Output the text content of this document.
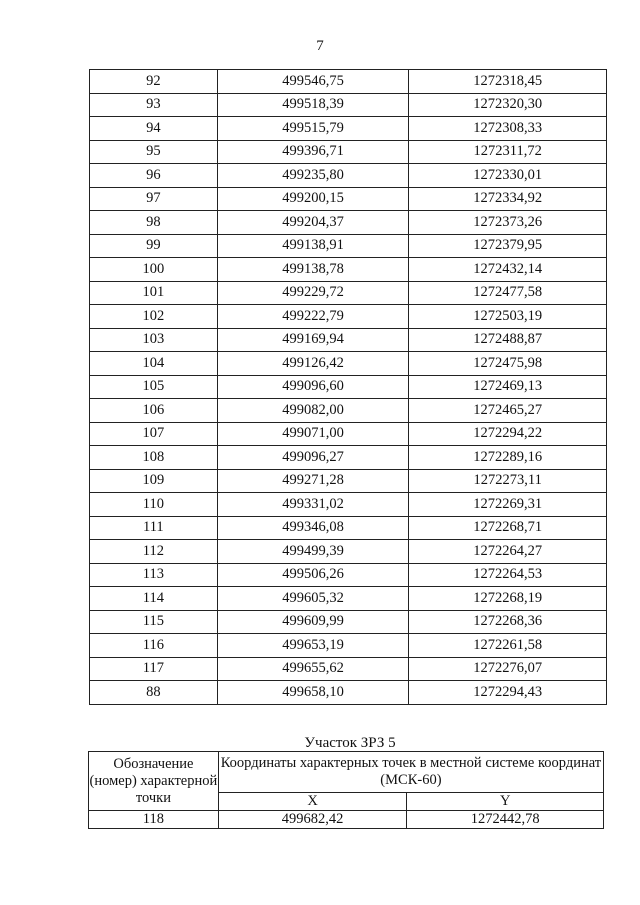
7
92	499546,75	1272318,45
93	499518,39	1272320,30
94	499515,79	1272308,33
95	499396,71	1272311,72
96	499235,80	1272330,01
97	499200,15	1272334,92
98	499204,37	1272373,26
99	499138,91	1272379,95
100	499138,78	1272432,14
101	499229,72	1272477,58
102	499222,79	1272503,19
103	499169,94	1272488,87
104	499126,42	1272475,98
105	499096,60	1272469,13
106	499082,00	1272465,27
107	499071,00	1272294,22
108	499096,27	1272289,16
109	499271,28	1272273,11
110	499331,02	1272269,31
111	499346,08	1272268,71
112	499499,39	1272264,27
113	499506,26	1272264,53
114	499605,32	1272268,19
115	499609,99	1272268,36
116	499653,19	1272261,58
117	499655,62	1272276,07
88	499658,10	1272294,43
Участок ЗРЗ 5
Обозначение (номер) характерной точки	Координаты характерных точек в местной системе координат (МСК-60)	
	X	Y
118	499682,42	1272442,78
